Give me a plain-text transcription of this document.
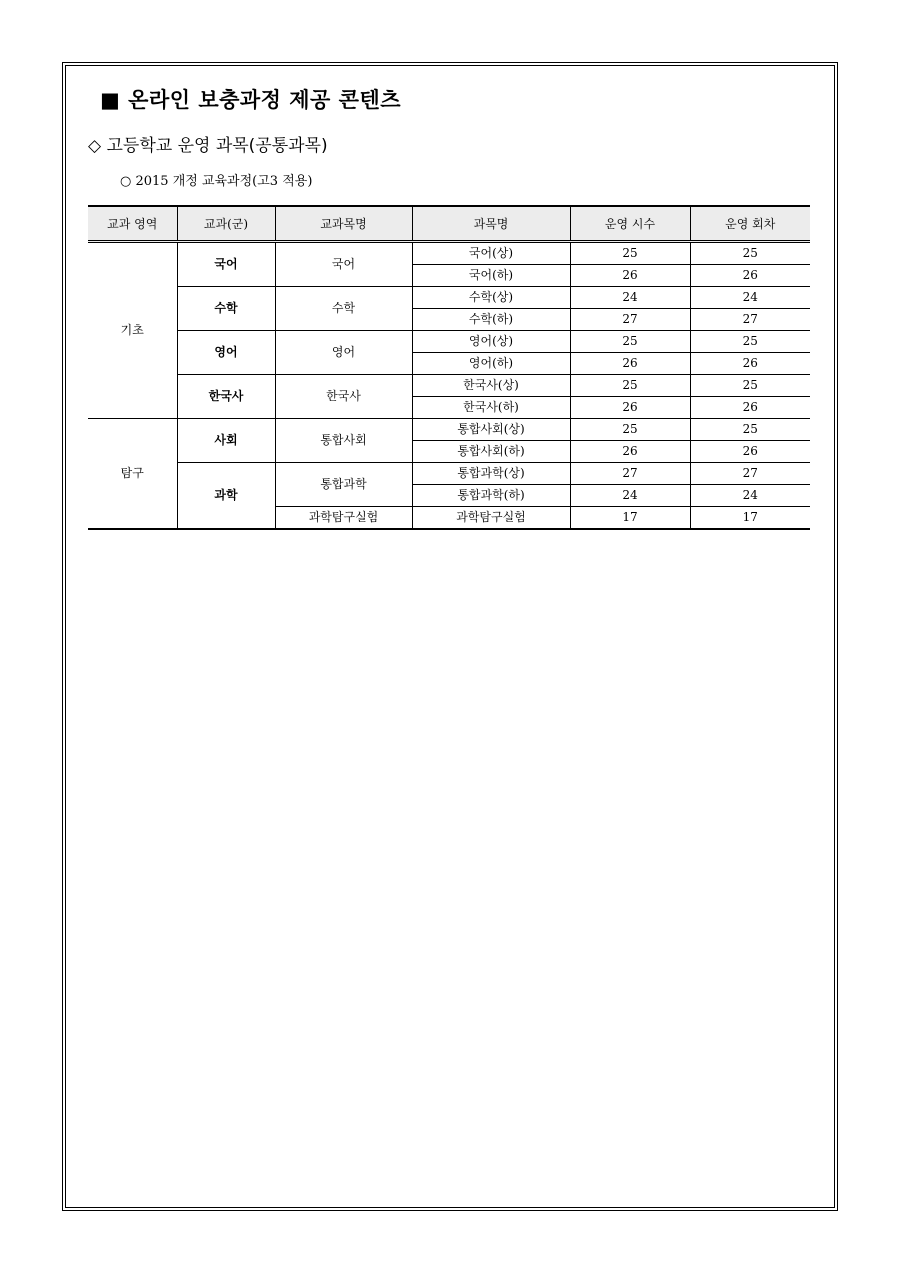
■ 온라인 보충과정 제공 콘텐츠
◇ 고등학교 운영 과목(공통과목)
○ 2015 개정 교육과정(고3 적용)
교과 영역	교과(군)	교과목명	과목명	운영 시수	운영 회차
기초	국어	국어	국어(상)	25	25
			국어(하)	26	26
	수학	수학	수학(상)	24	24
			수학(하)	27	27
	영어	영어	영어(상)	25	25
			영어(하)	26	26
	한국사	한국사	한국사(상)	25	25
			한국사(하)	26	26
탐구	사회	통합사회	통합사회(상)	25	25
			통합사회(하)	26	26
	과학	통합과학	통합과학(상)	27	27
			통합과학(하)	24	24
		과학탐구실험	과학탐구실험	17	17
